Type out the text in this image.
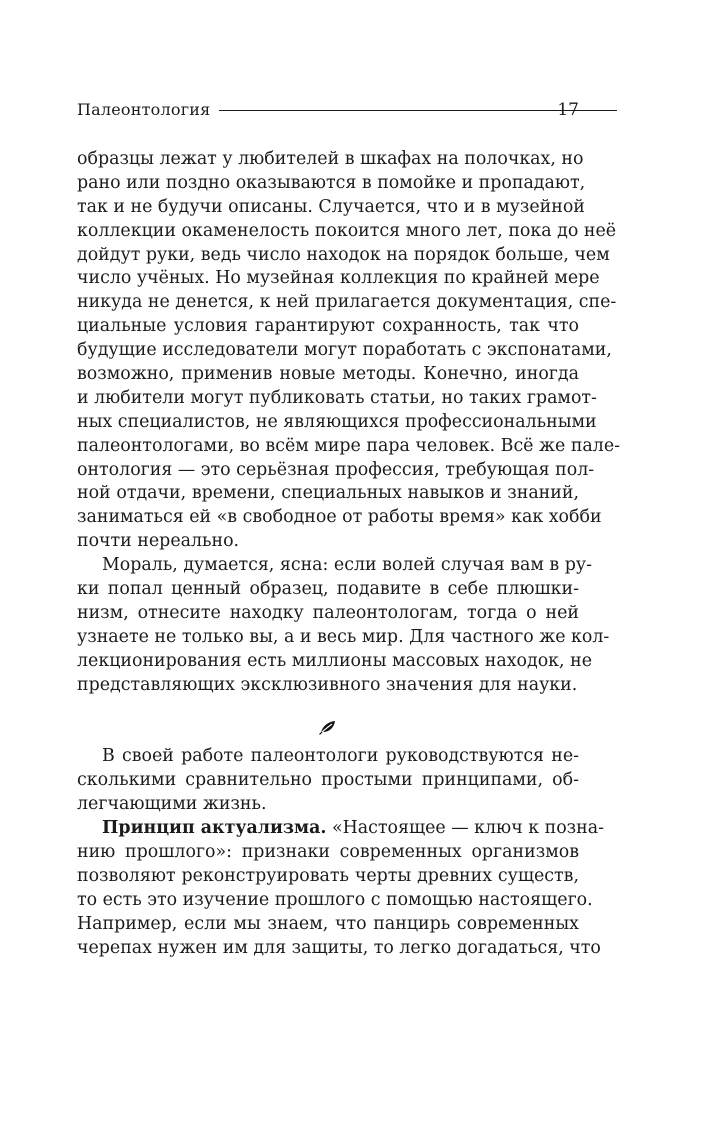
Палеонтология	17
образцы лежат у любителей в шкафах на полочках, но
рано или поздно оказываются в помойке и пропадают,
так и не будучи описаны. Случается, что и в музейной
коллекции окаменелость покоится много лет, пока до неё
дойдут руки, ведь число находок на порядок больше, чем
число учёных. Но музейная коллекция по крайней мере
никуда не денется, к ней прилагается документация, спе-
циальные условия гарантируют сохранность, так что
будущие исследователи могут поработать с экспонатами,
возможно, применив новые методы. Конечно, иногда
и любители могут публиковать статьи, но таких грамот-
ных специалистов, не являющихся профессиональными
палеонтологами, во всём мире пара человек. Всё же пале-
онтология — это серьёзная профессия, требующая пол-
ной отдачи, времени, специальных навыков и знаний,
заниматься ей «в свободное от работы время» как хобби
почти нереально.
Мораль, думается, ясна: если волей случая вам в ру-
ки попал ценный образец, подавите в себе плюшки-
низм, отнесите находку палеонтологам, тогда о ней
узнаете не только вы, а и весь мир. Для частного же кол-
лекционирования есть миллионы массовых находок, не
представляющих эксклюзивного значения для науки.
В своей работе палеонтологи руководствуются не-
сколькими сравнительно простыми принципами, об-
легчающими жизнь.
Принцип актуализма. «Настоящее — ключ к позна-
нию прошлого»: признаки современных организмов
позволяют реконструировать черты древних существ,
то есть это изучение прошлого с помощью настоящего.
Например, если мы знаем, что панцирь современных
черепах нужен им для защиты, то легко догадаться, что
